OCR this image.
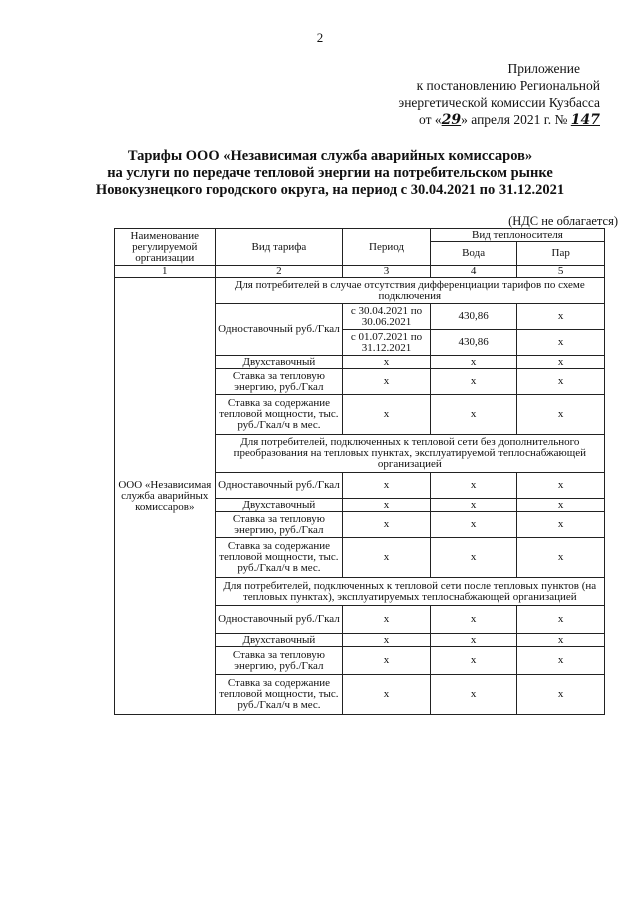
2
Приложение
к постановлению Региональной
энергетической комиссии Кузбасса
от «29» апреля 2021 г. № 147
Тарифы ООО «Независимая служба аварийных комиссаров»
на услуги по передаче тепловой энергии на потребительском рынке
Новокузнецкого городского округа, на период с 30.04.2021 по 31.12.2021
(НДС не облагается)
Наименование регулируемой организации	Вид тарифа	Период	Вид теплоносителя	
			Вода	Пар
1	2	3	4	5
ООО «Независимая служба аварийных комиссаров»	Для потребителей в случае отсутствия дифференциации тарифов по схеме подключения			
	Одноставочный руб./Гкал	с 30.04.2021 по 30.06.2021	430,86	х
		с 01.07.2021 по 31.12.2021	430,86	х
	Двухставочный	х	х	х
	Ставка за тепловую энергию, руб./Гкал	х	х	х
	Ставка за содержание тепловой мощности, тыс. руб./Гкал/ч в мес.	х	х	х
	Для потребителей, подключенных к тепловой сети без дополнительного преобразования на тепловых пунктах, эксплуатируемой теплоснабжающей организацией			
	Одноставочный руб./Гкал	х	х	х
	Двухставочный	х	х	х
	Ставка за тепловую энергию, руб./Гкал	х	х	х
	Ставка за содержание тепловой мощности, тыс. руб./Гкал/ч в мес.	х	х	х
	Для потребителей, подключенных к тепловой сети после тепловых пунктов (на тепловых пунктах), эксплуатируемых теплоснабжающей организацией			
	Одноставочный руб./Гкал	х	х	х
	Двухставочный	х	х	х
	Ставка за тепловую энергию, руб./Гкал	х	х	х
	Ставка за содержание тепловой мощности, тыс. руб./Гкал/ч в мес.	х	х	х
